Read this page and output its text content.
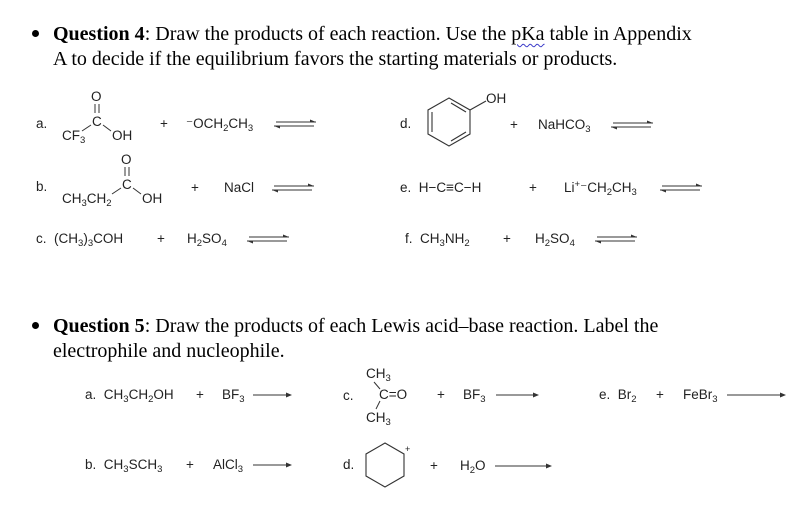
Question 4: Draw the products of each reaction. Use the pKa table in Appendix
A to decide if the equilibrium favors the starting materials or products.
a.
O
C
$CF_3$ OH
+ $^-OCH_2CH_3$
b.
O
C
$CH_3CH_2$ OH
+ NaCl
c. $(CH_3)_3COH$	+ $H_2SO_4$
d.
OH
+ NaHCO$_3$
e. H−C≡C−H	+ $Li^+^-CH_2CH_3$
f. $CH_3NH_2 + H_2SO_4$
Question 5: Draw the products of each Lewis acid–base reaction. Label the
electrophile and nucleophile.
a. $CH_3CH_2OH + BF_3$
b. $CH_3SCH_3$ + AlCl$_3$
c.
$CH_3$
C=O
$CH_3$
+ $BF_3$
d.
+
+ $H_2O$
e. $Br_2$ + FeBr$_3$
